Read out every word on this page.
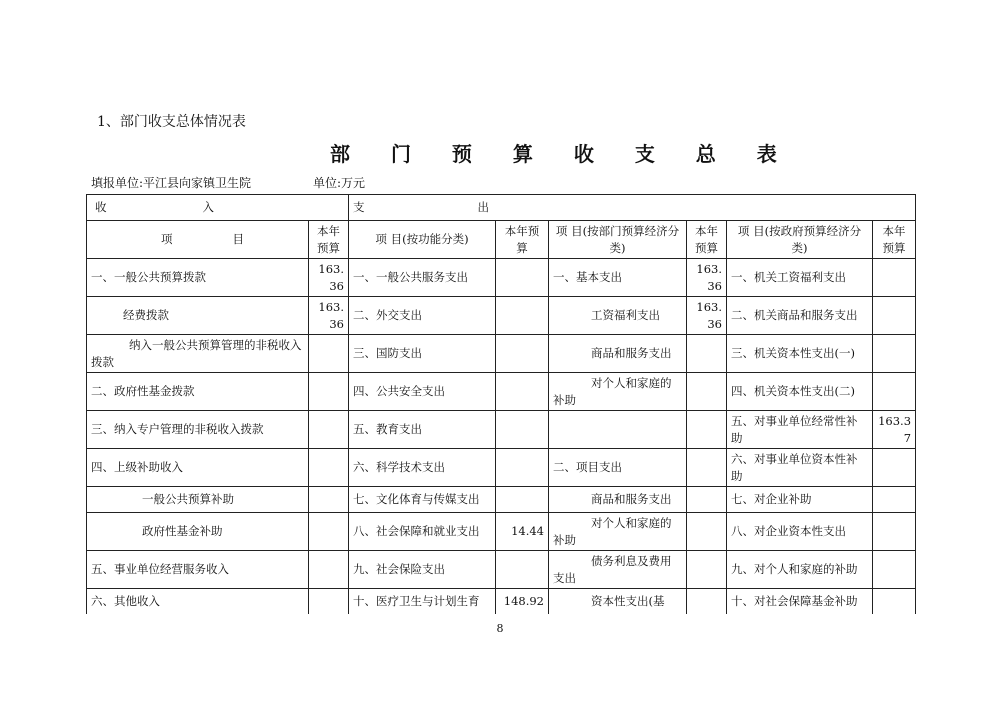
1、部门收支总体情况表
部 门 预 算 收 支 总 表
填报单位:平江县向家镇卫生院	单位:万元
收 入		支 出					

项 目	本年预算	项 目(按功能分类)	本年预算	项 目(按部门预算经济分类)	本年预算	项 目(按政府预算经济分类)	本年预算
一、一般公共预算拨款	163.36	一、一般公共服务支出		一、基本支出	163.36	一、机关工资福利支出	
经费拨款	163.36	二、外交支出		工资福利支出	163.36	二、机关商品和服务支出	
纳入一般公共预算管理的非税收入拨款		三、国防支出		商品和服务支出		三、机关资本性支出(一)	
二、政府性基金拨款		四、公共安全支出		对个人和家庭的补助		四、机关资本性支出(二)	
三、纳入专户管理的非税收入拨款		五、教育支出				五、对事业单位经常性补助	163.37
四、上级补助收入		六、科学技术支出		二、项目支出		六、对事业单位资本性补助	
一般公共预算补助		七、文化体育与传媒支出		商品和服务支出		七、对企业补助	
政府性基金补助		八、社会保障和就业支出	14.44	对个人和家庭的补助		八、对企业资本性支出	
五、事业单位经营服务收入		九、社会保险支出		债务利息及费用支出		九、对个人和家庭的补助	
六、其他收入		十、医疗卫生与计划生育	148.92	资本性支出(基		十、对社会保障基金补助	
8
